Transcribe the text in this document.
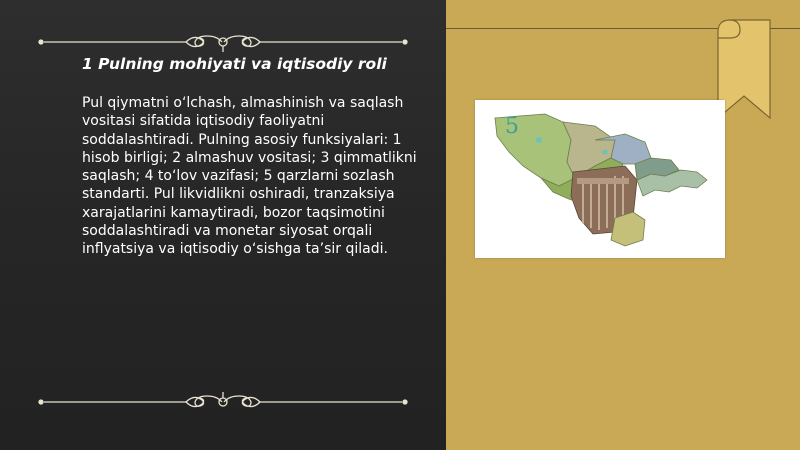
1 Pulning mohiyati va iqtisodiy roli
Pul qiymatni o‘lchash, almashinish va saqlash vositasi sifatida iqtisodiy faoliyatni soddalashtiradi. Pulning asosiy funksiyalari: 1 hisob birligi; 2 almashuv vositasi; 3 qimmatlikni saqlash; 4 to‘lov vazifasi; 5 qarzlarni sozlash standarti. Pul likvidlikni oshiradi, tranzaksiya xarajatlarini kamaytiradi, bozor taqsimotini soddalashtiradi va monetar siyosat orqali inflyatsiya va iqtisodiy o‘sishga ta’sir qiladi.
5
